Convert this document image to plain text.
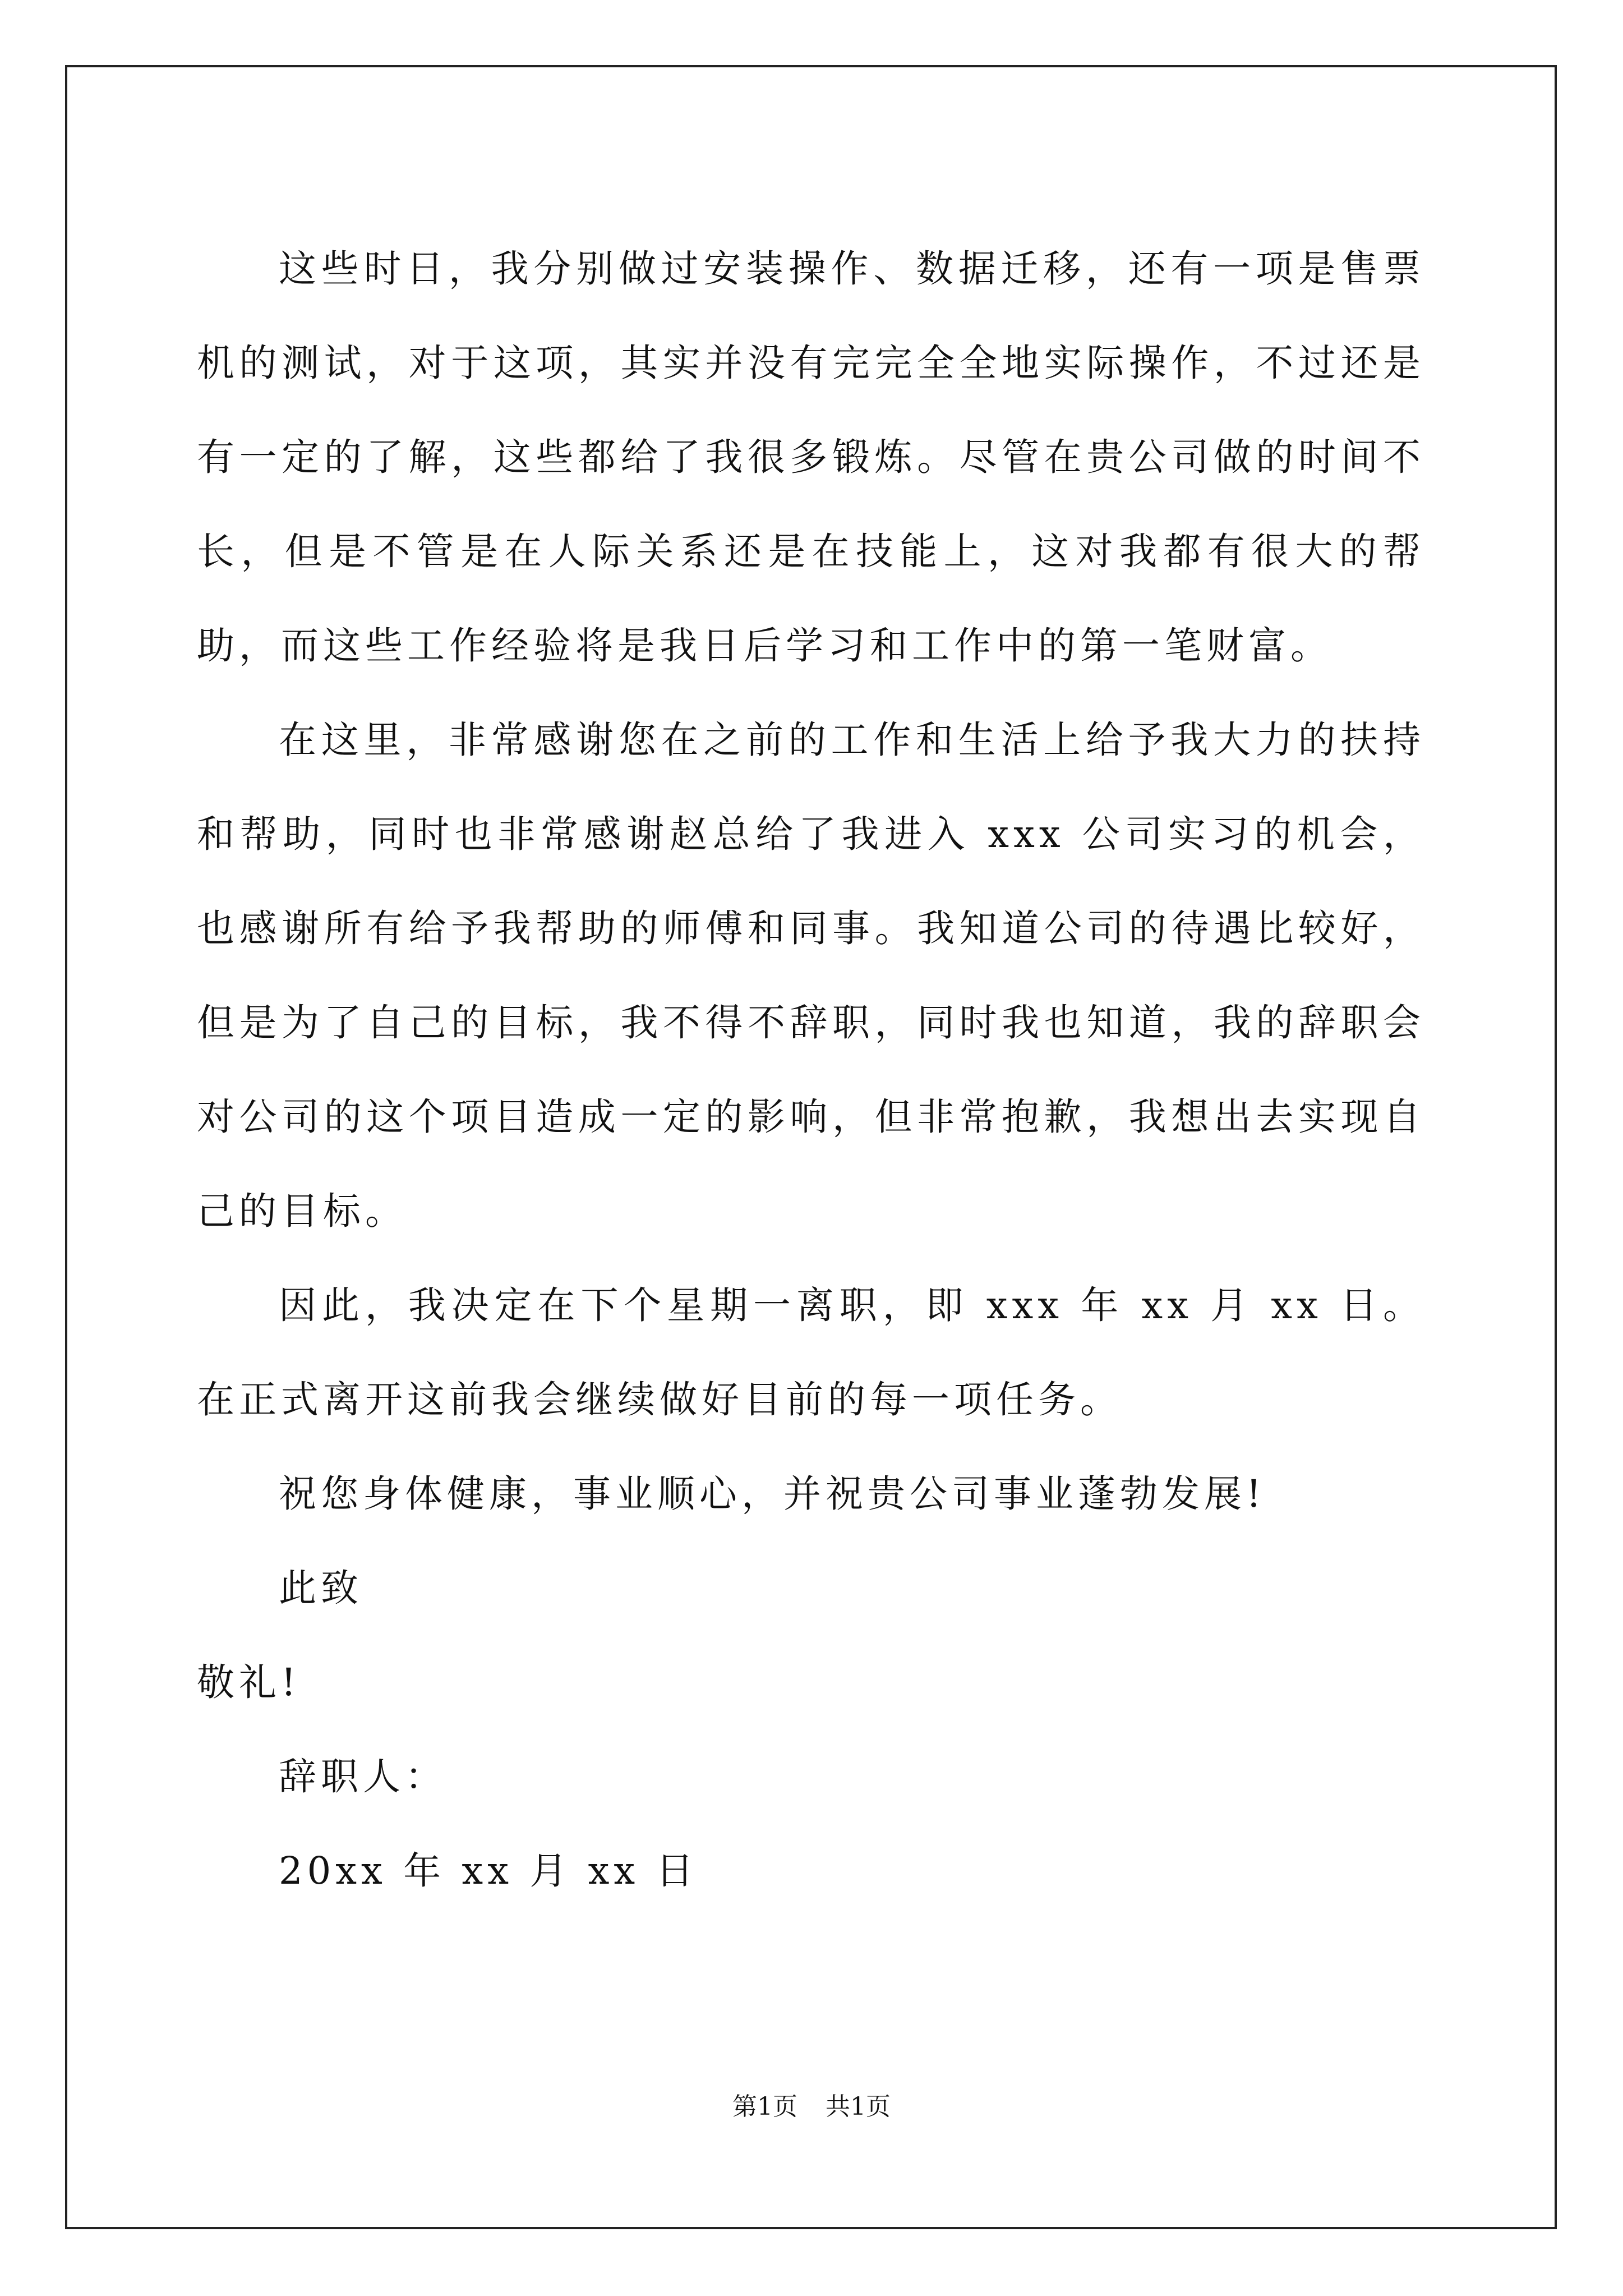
这些时日，我分别做过安装操作、数据迁移，还有一项是售票机的测试，对于这项，其实并没有完完全全地实际操作，不过还是有一定的了解，这些都给了我很多锻炼。尽管在贵公司做的时间不长，但是不管是在人际关系还是在技能上，这对我都有很大的帮助，而这些工作经验将是我日后学习和工作中的第一笔财富。

在这里，非常感谢您在之前的工作和生活上给予我大力的扶持和帮助，同时也非常感谢赵总给了我进入 xxx 公司实习的机会，也感谢所有给予我帮助的师傅和同事。我知道公司的待遇比较好，但是为了自己的目标，我不得不辞职，同时我也知道，我的辞职会对公司的这个项目造成一定的影响，但非常抱歉，我想出去实现自己的目标。

因此，我决定在下个星期一离职，即 xxx 年 xx 月 xx 日。在正式离开这前我会继续做好目前的每一项任务。

祝您身体健康，事业顺心，并祝贵公司事业蓬勃发展!

此致

敬礼!

辞职人：

20xx 年 xx 月 xx 日

第1页 共1页
